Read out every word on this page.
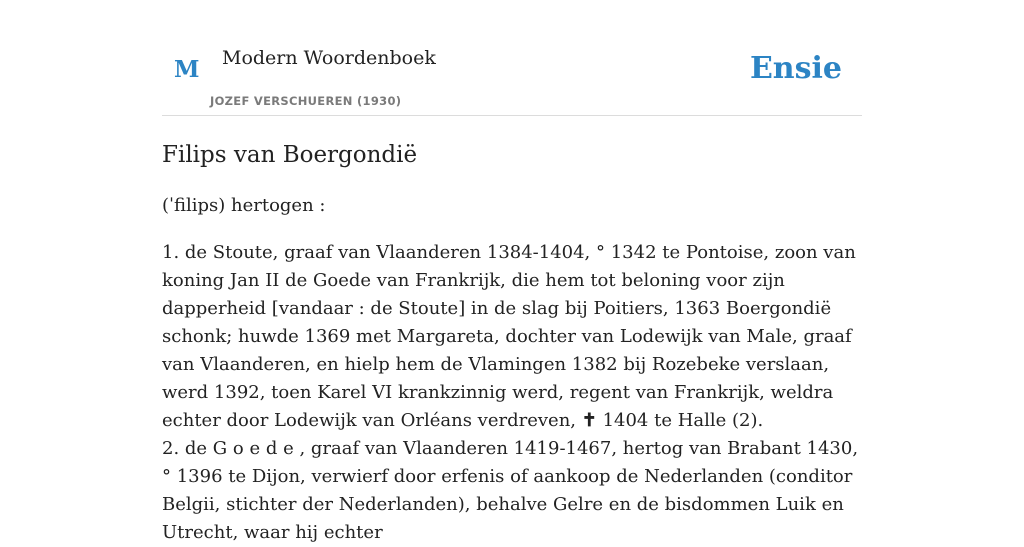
M Modern Woordenboek
JOZEF VERSCHUEREN (1930)
Ensie
Filips van Boergondië

(ˈfilips) hertogen :

1. de Stoute, graaf van Vlaanderen 1384-1404, ° 1342 te Pontoise, zoon van koning Jan II de Goede van Frankrijk, die hem tot beloning voor zijn dapperheid [vandaar : de Stoute] in de slag bij Poitiers, 1363 Boergondië schonk; huwde 1369 met Margareta, dochter van Lodewijk van Male, graaf van Vlaanderen, en hielp hem de Vlamingen 1382 bij Rozebeke verslaan, werd 1392, toen Karel VI krankzinnig werd, regent van Frankrijk, weldra echter door Lodewijk van Orléans verdreven, ✝ 1404 te Halle (2).

2. de G o e d e , graaf van Vlaanderen 1419-1467, hertog van Brabant 1430, ° 1396 te Dijon, verwierf door erfenis of aankoop de Nederlanden (conditor Belgii, stichter der Nederlanden), behalve Gelre en de bisdommen Luik en Utrecht, waar hij echter
